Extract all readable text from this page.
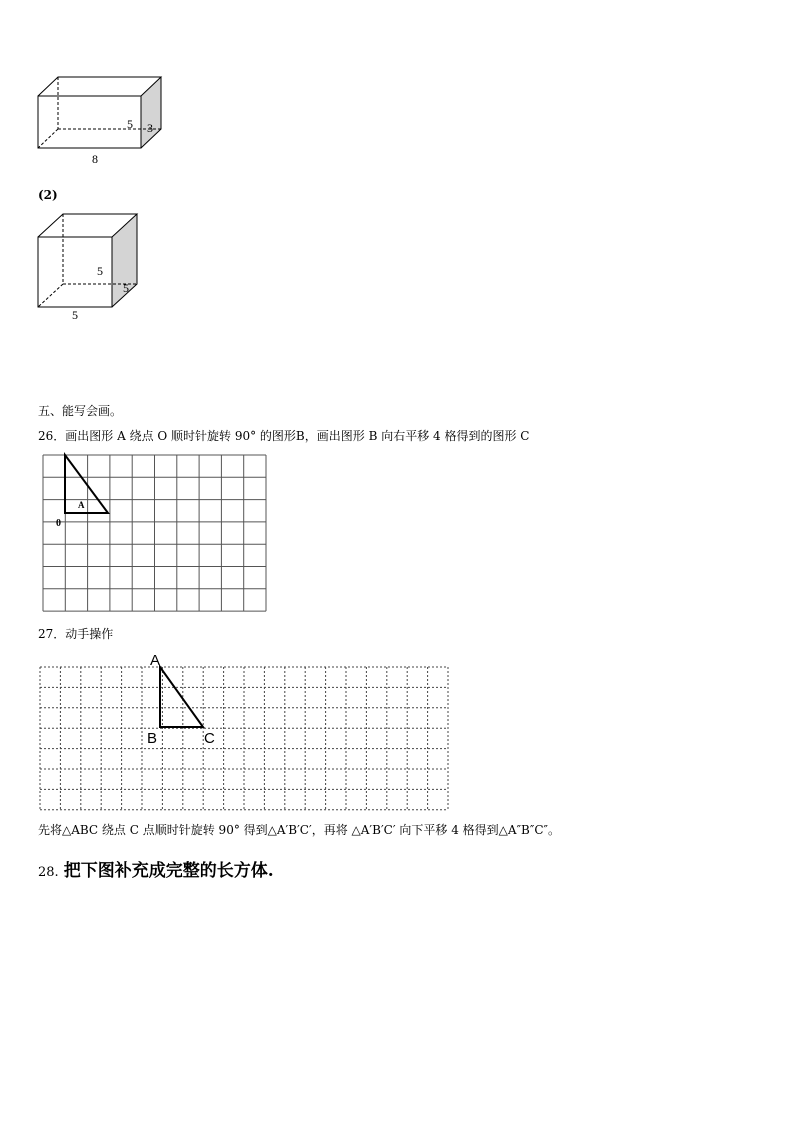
5 3
8
(2)
5
5
5
五、能写会画。
26．画出图形 A 绕点 O 顺时针旋转 90° 的图形B，画出图形 B 向右平移 4 格得到的图形 C
A
0
27．动手操作
A
B	C
先将△ABC 绕点 C 点顺时针旋转 90° 得到△A′B′C′，再将 △A′B′C′ 向下平移 4 格得到△A″B″C″。
28. 把下图补充成完整的长方体.
